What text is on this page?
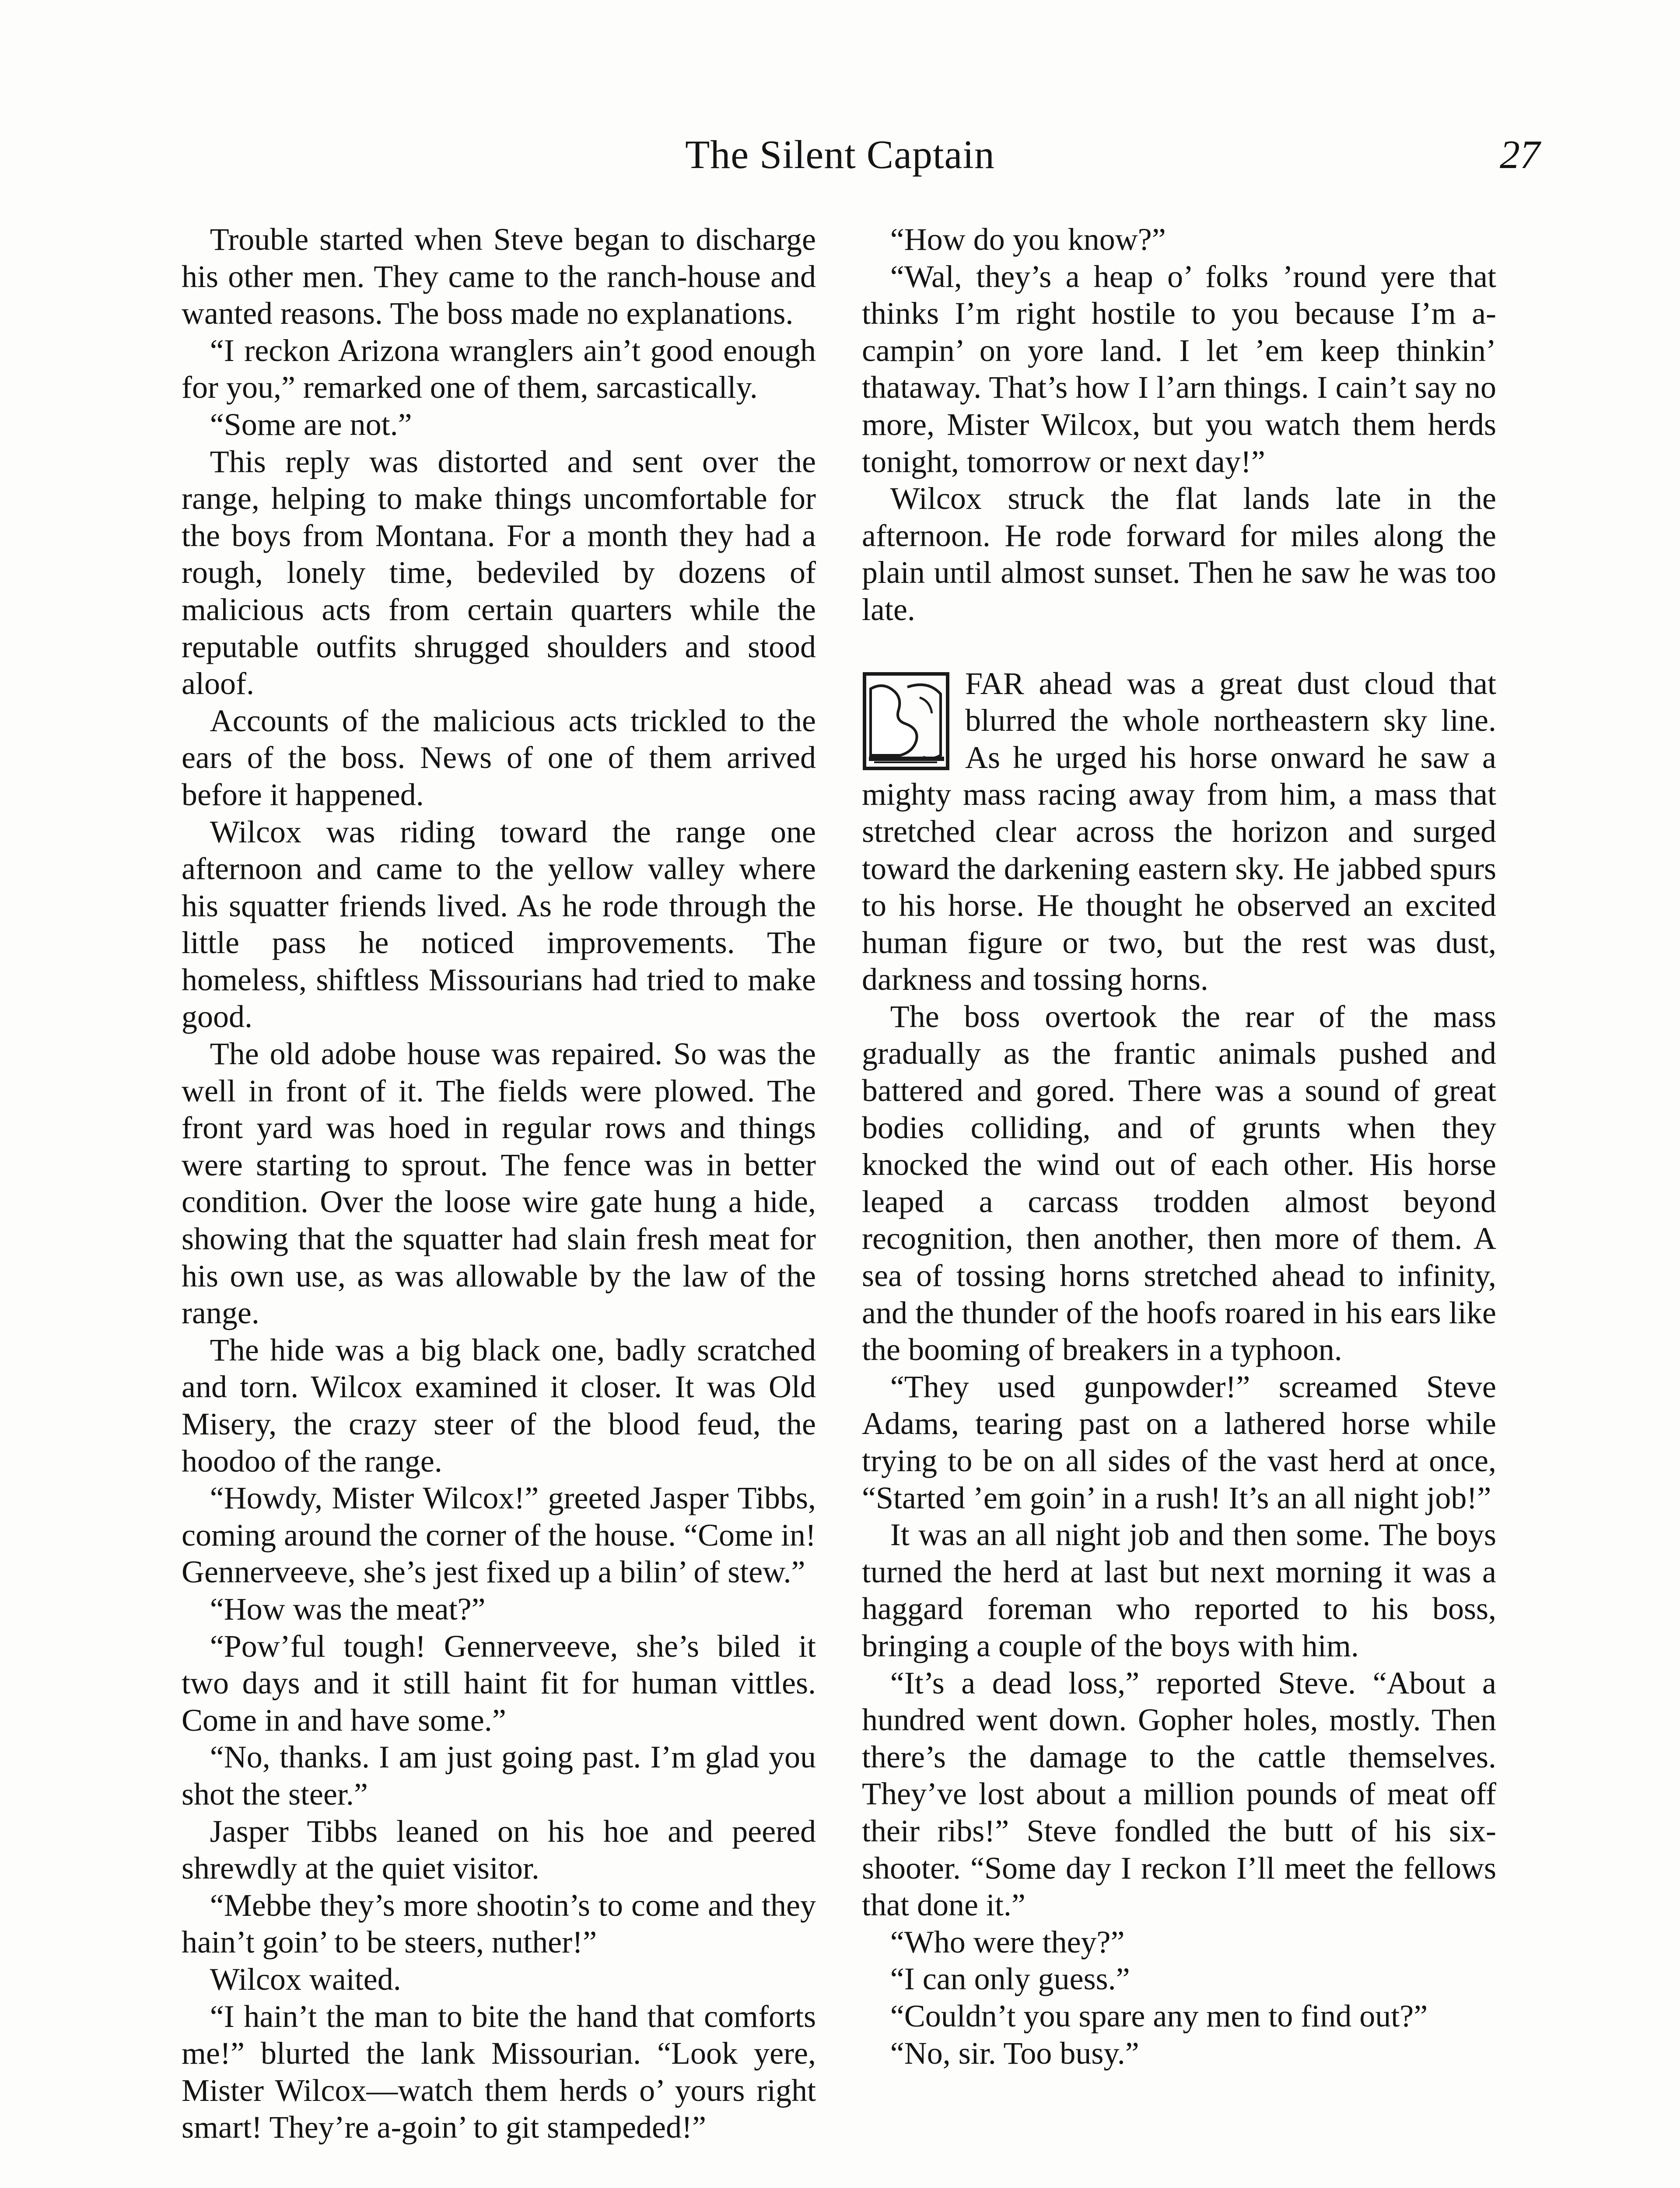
The Silent Captain	27

Trouble started when Steve began to discharge his other men. They came to the ranch-house and wanted reasons. The boss made no explanations.

“I reckon Arizona wranglers ain’t good enough for you,” remarked one of them, sarcastically.

“Some are not.”

This reply was distorted and sent over the range, helping to make things uncomfortable for the boys from Montana. For a month they had a rough, lonely time, bedeviled by dozens of malicious acts from certain quarters while the reputable outfits shrugged shoulders and stood aloof.

Accounts of the malicious acts trickled to the ears of the boss. News of one of them arrived before it happened.

Wilcox was riding toward the range one afternoon and came to the yellow valley where his squatter friends lived. As he rode through the little pass he noticed improvements. The homeless, shiftless Missourians had tried to make good.

The old adobe house was repaired. So was the well in front of it. The fields were plowed. The front yard was hoed in regular rows and things were starting to sprout. The fence was in better condition. Over the loose wire gate hung a hide, showing that the squatter had slain fresh meat for his own use, as was allowable by the law of the range.

The hide was a big black one, badly scratched and torn. Wilcox examined it closer. It was Old Misery, the crazy steer of the blood feud, the hoodoo of the range.

“Howdy, Mister Wilcox!” greeted Jasper Tibbs, coming around the corner of the house. “Come in! Gennerveeve, she’s jest fixed up a bilin’ of stew.”

“How was the meat?”

“Pow’ful tough! Gennerveeve, she’s biled it two days and it still haint fit for human vittles. Come in and have some.”

“No, thanks. I am just going past. I’m glad you shot the steer.”

Jasper Tibbs leaned on his hoe and peered shrewdly at the quiet visitor.

“Mebbe they’s more shootin’s to come and they hain’t goin’ to be steers, nuther!”

Wilcox waited.

“I hain’t the man to bite the hand that comforts me!” blurted the lank Missourian. “Look yere, Mister Wilcox—watch them herds o’ yours right smart! They’re a-goin’ to git stampeded!”

“How do you know?”

“Wal, they’s a heap o’ folks ’round yere that thinks I’m right hostile to you because I’m a-campin’ on yore land. I let ’em keep thinkin’ thataway. That’s how I l’arn things. I cain’t say no more, Mister Wilcox, but you watch them herds tonight, tomorrow or next day!”

Wilcox struck the flat lands late in the afternoon. He rode forward for miles along the plain until almost sunset. Then he saw he was too late.

FAR ahead was a great dust cloud that blurred the whole northeastern sky line. As he urged his horse onward he saw a mighty mass racing away from him, a mass that stretched clear across the horizon and surged toward the darkening eastern sky. He jabbed spurs to his horse. He thought he observed an excited human figure or two, but the rest was dust, darkness and tossing horns.

The boss overtook the rear of the mass gradually as the frantic animals pushed and battered and gored. There was a sound of great bodies colliding, and of grunts when they knocked the wind out of each other. His horse leaped a carcass trodden almost beyond recognition, then another, then more of them. A sea of tossing horns stretched ahead to infinity, and the thunder of the hoofs roared in his ears like the booming of breakers in a typhoon.

“They used gunpowder!” screamed Steve Adams, tearing past on a lathered horse while trying to be on all sides of the vast herd at once, “Started ’em goin’ in a rush! It’s an all night job!”

It was an all night job and then some. The boys turned the herd at last but next morning it was a haggard foreman who reported to his boss, bringing a couple of the boys with him.

“It’s a dead loss,” reported Steve. “About a hundred went down. Gopher holes, mostly. Then there’s the damage to the cattle themselves. They’ve lost about a million pounds of meat off their ribs!” Steve fondled the butt of his six-shooter. “Some day I reckon I’ll meet the fellows that done it.”

“Who were they?”

“I can only guess.”

“Couldn’t you spare any men to find out?”

“No, sir. Too busy.”
